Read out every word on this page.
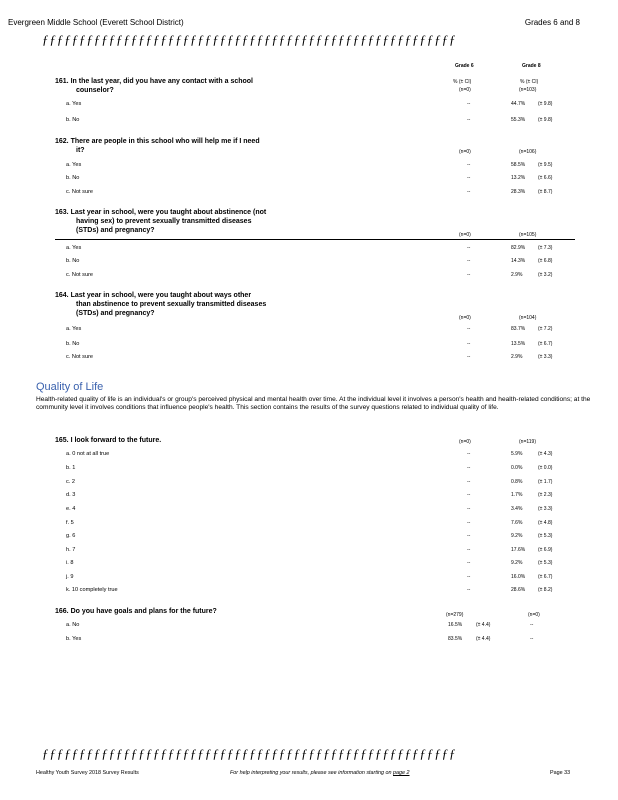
Evergreen Middle School (Everett School District)	Grades 6 and 8
ƒƒƒƒƒƒƒƒƒƒƒƒƒƒƒƒƒƒƒƒƒƒƒƒƒƒƒƒƒƒƒƒƒƒƒƒƒƒƒƒƒƒƒƒƒƒƒƒƒƒƒƒƒƒƒƒ
Grade 6	Grade 8
161. In the last year, did you have any contact with a school
counselor?
% (± CI)	% (± CI)
(n=0)	(n=103)
a. Yes	--	44.7%	(± 9.8)
b. No	--	55.3%	(± 9.8)
162. There are people in this school who will help me if I need
it?	(n=0)	(n=106)
a. Yes	--	58.5%	(± 9.5)
b. No	--	13.2%	(± 6.6)
c. Not sure	--	28.3%	(± 8.7)
163. Last year in school, were you taught about abstinence (not
having sex) to prevent sexually transmitted diseases
(STDs) and pregnancy?
(n=0)	(n=105)
a. Yes	--	82.9%	(± 7.3)
b. No	--	14.3%	(± 6.8)
c. Not sure	--	2.9%	(± 3.2)
164. Last year in school, were you taught about ways other
than abstinence to prevent sexually transmitted diseases
(STDs) and pregnancy?
(n=0)	(n=104)
a. Yes	--	83.7%	(± 7.2)
b. No	--	13.5%	(± 6.7)
c. Not sure	--	2.9%	(± 3.3)
165. I look forward to the future.	(n=0)	(n=119)
a. 0 not at all true	--	5.9%	(± 4.3)
b. 1	--	0.0%	(± 0.0)
c. 2	--	0.8%	(± 1.7)
d. 3	--	1.7%	(± 2.3)
e. 4	--	3.4%	(± 3.3)
f. 5	--	7.6%	(± 4.8)
g. 6	--	9.2%	(± 5.3)
h. 7	--	17.6%	(± 6.9)
i. 8	--	9.2%	(± 5.3)
j. 9	--	16.0%	(± 6.7)
k. 10 completely true	--	28.6%	(± 8.2)
166. Do you have goals and plans for the future?	(n=279)	(n=0)
a. No	16.5%	(± 4.4)	--
b. Yes	83.5%	(± 4.4)	--
Quality of Life
Health-related quality of life is an individual's or group's perceived physical and mental health over time. At the individual level it involves a person's health and health-related conditions; at the community level it involves conditions that influence people's health. This section contains the results of the survey questions related to individual quality of life.
ƒƒƒƒƒƒƒƒƒƒƒƒƒƒƒƒƒƒƒƒƒƒƒƒƒƒƒƒƒƒƒƒƒƒƒƒƒƒƒƒƒƒƒƒƒƒƒƒƒƒƒƒƒƒƒƒ
Healthy Youth Survey 2018 Survey Results	For help interpreting your results, please see information starting on page 2	Page 33
